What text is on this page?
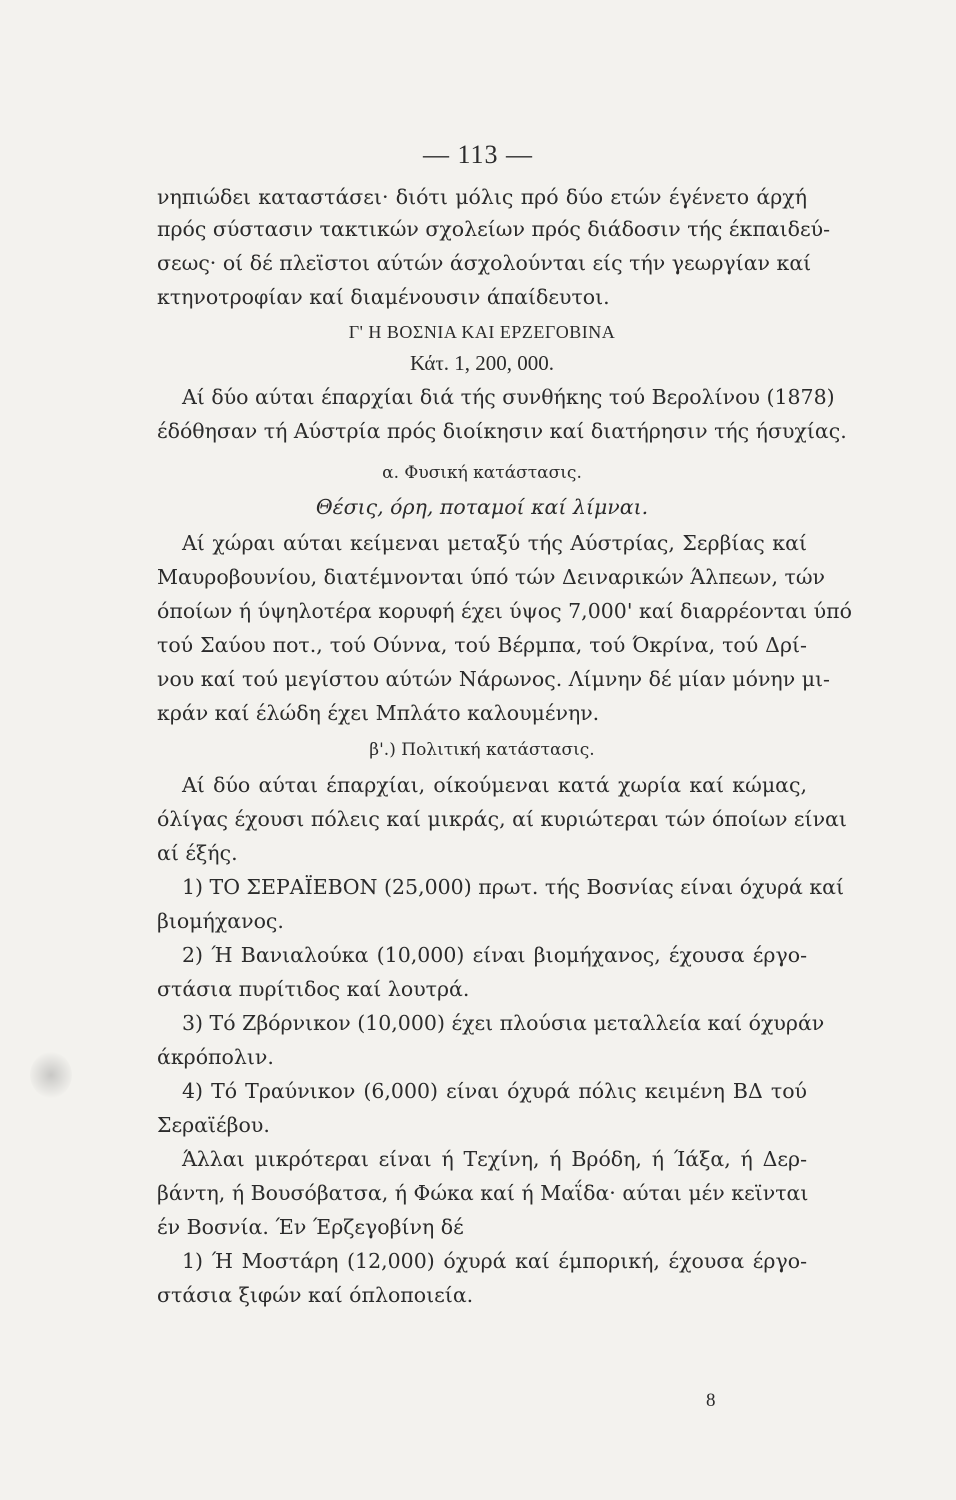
— 113 —
νηπιώδει καταστάσει· διότι μόλις πρό δύο ετών έγένετο άρχή
πρός σύστασιν τακτικών σχολείων πρός διάδοσιν τής έκπαιδεύ-
σεως· οί δέ πλεϊστοι αύτών άσχολούνται είς τήν γεωργίαν καί
κτηνοτροφίαν καί διαμένουσιν άπαίδευτοι.
Γ' Η ΒΟΣΝΙΑ ΚΑΙ ΕΡΖΕΓΟΒΙΝΑ
Κάτ. 1, 200, 000.
Αί δύο αύται έπαρχίαι διά τής συνθήκης τού Βερολίνου (1878)
έδόθησαν τή Αύστρία πρός διοίκησιν καί διατήρησιν τής ήσυχίας.
α. Φυσική κατάστασις.
Θέσις, όρη, ποταμοί καί λίμναι.
Αί χώραι αύται κείμεναι μεταξύ τής Αύστρίας, Σερβίας καί
Μαυροβουνίου, διατέμνονται ύπό τών Δειναρικών Άλπεων, τών
όποίων ή ύψηλοτέρα κορυφή έχει ύψος 7,000' καί διαρρέονται ύπό
τού Σαύου ποτ., τού Ούννα, τού Βέρμπα, τού Όκρίνα, τού Δρί-
νου καί τού μεγίστου αύτών Νάρωνος. Λίμνην δέ μίαν μόνην μι-
κράν καί έλώδη έχει Μπλάτο καλουμένην.
β'.) Πολιτική κατάστασις.
Αί δύο αύται έπαρχίαι, οίκούμεναι κατά χωρία καί κώμας,
όλίγας έχουσι πόλεις καί μικράς, αί κυριώτεραι τών όποίων είναι
αί έξής.
1) ΤΟ ΣΕΡΑΪΕΒΟΝ (25,000) πρωτ. τής Βοσνίας είναι όχυρά καί
βιομήχανος.
2) Ή Βανιαλούκα (10,000) είναι βιομήχανος, έχουσα έργο-
στάσια πυρίτιδος καί λουτρά.
3) Τό Ζβόρνικον (10,000) έχει πλούσια μεταλλεία καί όχυράν
άκρόπολιν.
4) Τό Τραύνικον (6,000) είναι όχυρά πόλις κειμένη ΒΔ τού
Σεραϊέβου.
Άλλαι μικρότεραι είναι ή Τεχίνη, ή Βρόδη, ή Ίάξα, ή Δερ-
βάντη, ή Βουσόβατσα, ή Φώκα καί ή Μαΐδα· αύται μέν κεϊνται
έν Βοσνία. Έν Έρζεγοβίνη δέ
1) Ή Μοστάρη (12,000) όχυρά καί έμπορική, έχουσα έργο-
στάσια ξιφών καί όπλοποιεία.
8
